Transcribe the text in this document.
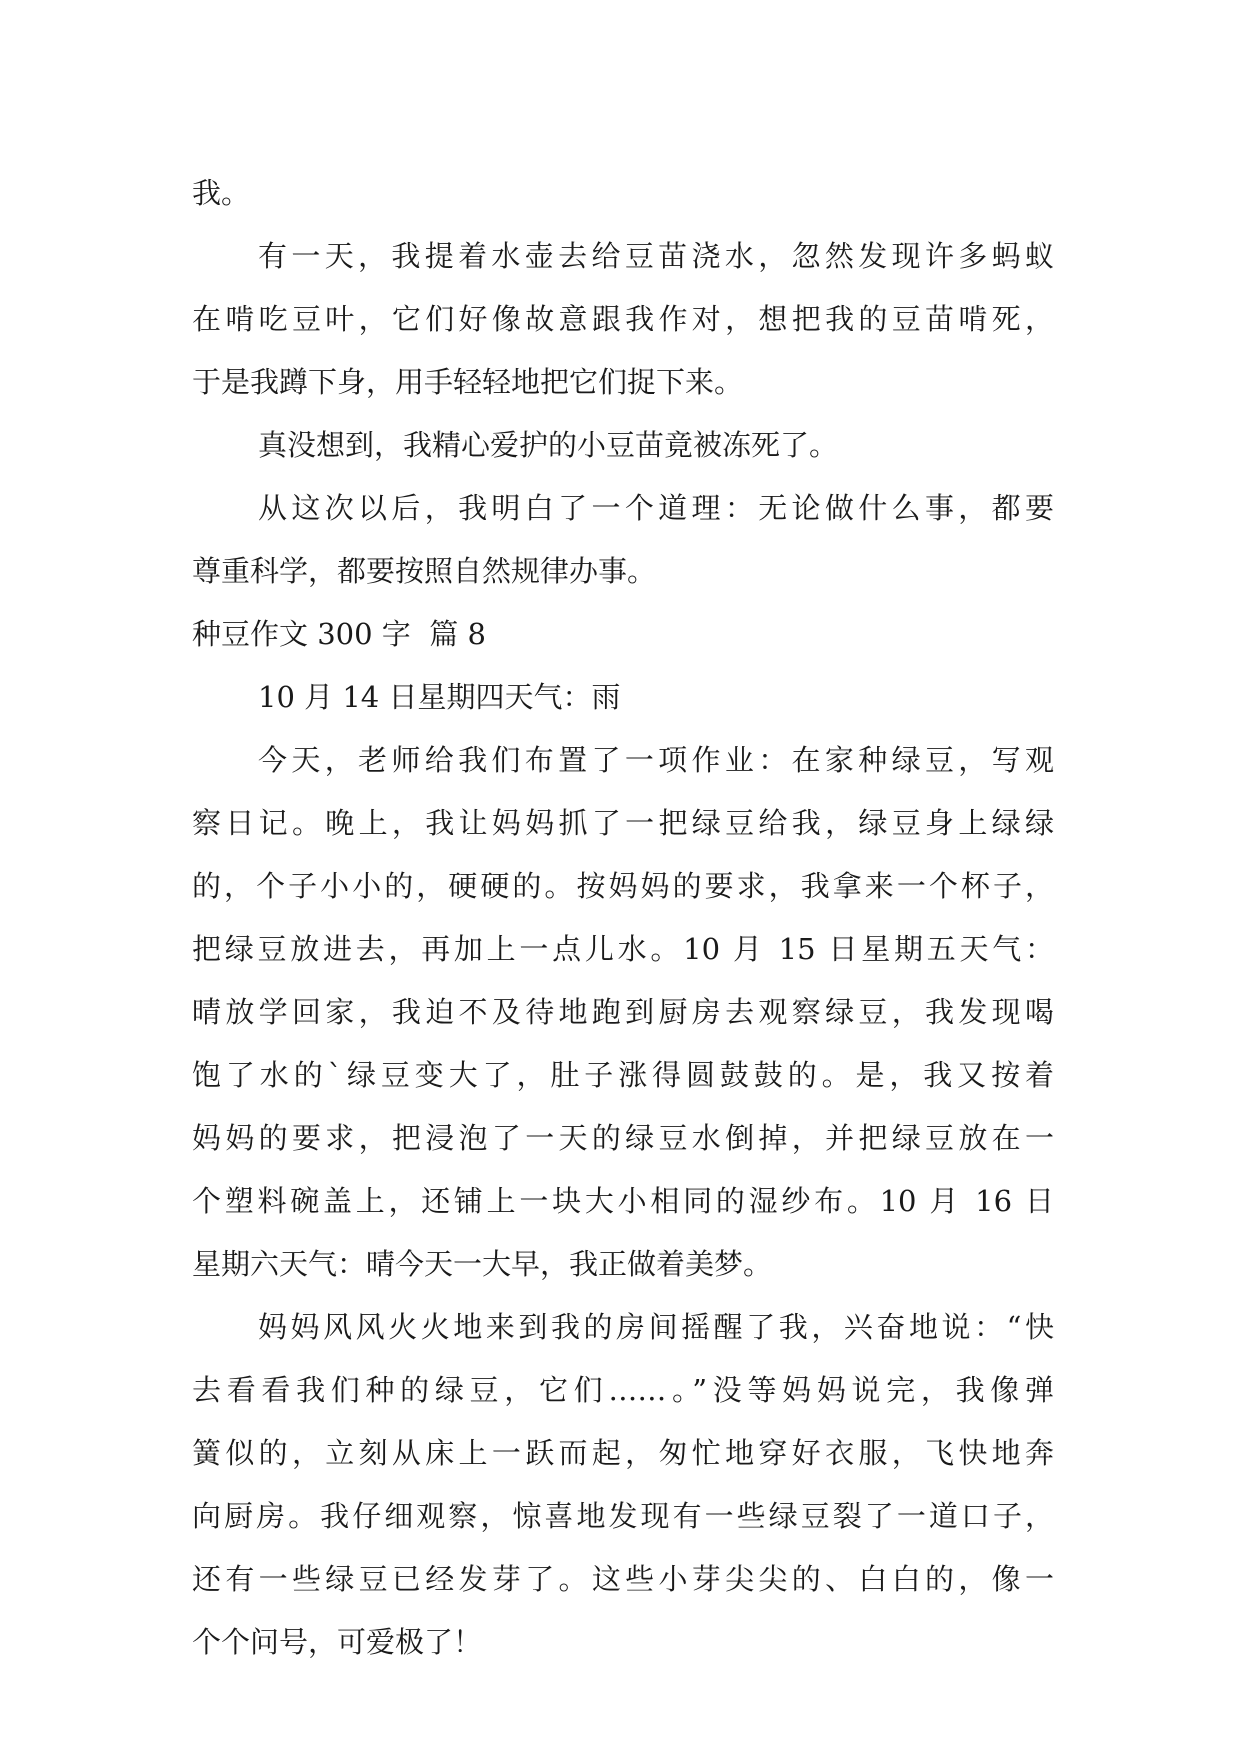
我。
有一天，我提着水壶去给豆苗浇水，忽然发现许多蚂蚁
在啃吃豆叶，它们好像故意跟我作对，想把我的豆苗啃死，
于是我蹲下身，用手轻轻地把它们捉下来。
真没想到，我精心爱护的小豆苗竟被冻死了。
从这次以后，我明白了一个道理：无论做什么事，都要
尊重科学，都要按照自然规律办事。
种豆作文 300 字  篇 8
10 月 14 日星期四天气：雨
今天，老师给我们布置了一项作业：在家种绿豆，写观
察日记。晚上，我让妈妈抓了一把绿豆给我，绿豆身上绿绿
的，个子小小的，硬硬的。按妈妈的要求，我拿来一个杯子，
把绿豆放进去，再加上一点儿水。10 月 15 日星期五天气：
晴放学回家，我迫不及待地跑到厨房去观察绿豆，我发现喝
饱了水的`绿豆变大了，肚子涨得圆鼓鼓的。是，我又按着
妈妈的要求，把浸泡了一天的绿豆水倒掉，并把绿豆放在一
个塑料碗盖上，还铺上一块大小相同的湿纱布。10 月 16 日
星期六天气：晴今天一大早，我正做着美梦。
妈妈风风火火地来到我的房间摇醒了我，兴奋地说：“快
去看看我们种的绿豆，它们……。”没等妈妈说完，我像弹
簧似的，立刻从床上一跃而起，匆忙地穿好衣服，飞快地奔
向厨房。我仔细观察，惊喜地发现有一些绿豆裂了一道口子，
还有一些绿豆已经发芽了。这些小芽尖尖的、白白的，像一
个个问号，可爱极了！
